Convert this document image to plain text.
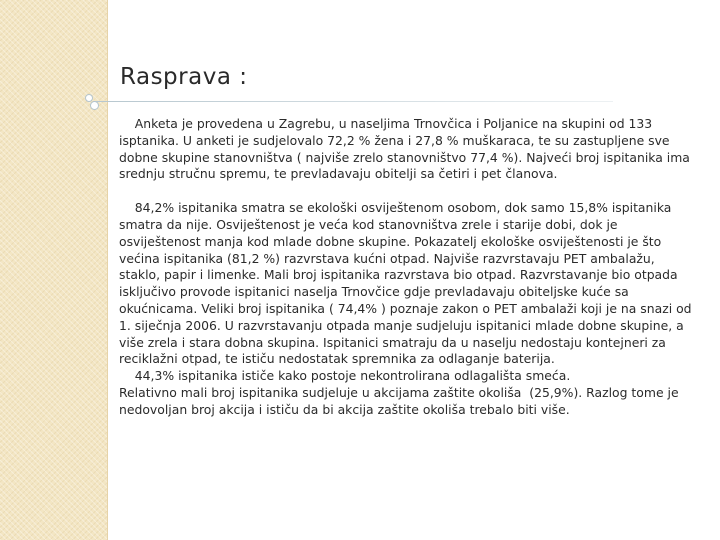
Rasprava :

Anketa je provedena u Zagrebu, u naseljima Trnovčica i Poljanice na skupini od 133 isptanika. U anketi je sudjelovalo 72,2 % žena i 27,8 % muškaraca, te su zastupljene sve dobne skupine stanovništva ( najviše zrelo stanovništvo 77,4 %). Najveći broj ispitanika ima srednju stručnu spremu, te prevladavaju obitelji sa četiri i pet članova.

84,2% ispitanika smatra se ekološki osviještenom osobom, dok samo 15,8% ispitanika smatra da nije. Osviještenost je veća kod stanovništva zrele i starije dobi, dok je osviještenost manja kod mlade dobne skupine. Pokazatelj ekološke osviještenosti je što većina ispitanika (81,2 %) razvrstava kućni otpad. Najviše razvrstavaju PET ambalažu, staklo, papir i limenke. Mali broj ispitanika razvrstava bio otpad. Razvrstavanje bio otpada isključivo provode ispitanici naselja Trnovčice gdje prevladavaju obiteljske kuće sa okućnicama. Veliki broj ispitanika ( 74,4% ) poznaje zakon o PET ambalaži koji je na snazi od 1. siječnja 2006. U razvrstavanju otpada manje sudjeluju ispitanici mlade dobne skupine, a više zrela i stara dobna skupina. Ispitanici smatraju da u naselju nedostaju kontejneri za reciklažni otpad, te ističu nedostatak spremnika za odlaganje baterija.

44,3% ispitanika ističe kako postoje nekontrolirana odlagališta smeća.

Relativno mali broj ispitanika sudjeluje u akcijama zaštite okoliša  (25,9%). Razlog tome je nedovoljan broj akcija i ističu da bi akcija zaštite okoliša trebalo biti više.
